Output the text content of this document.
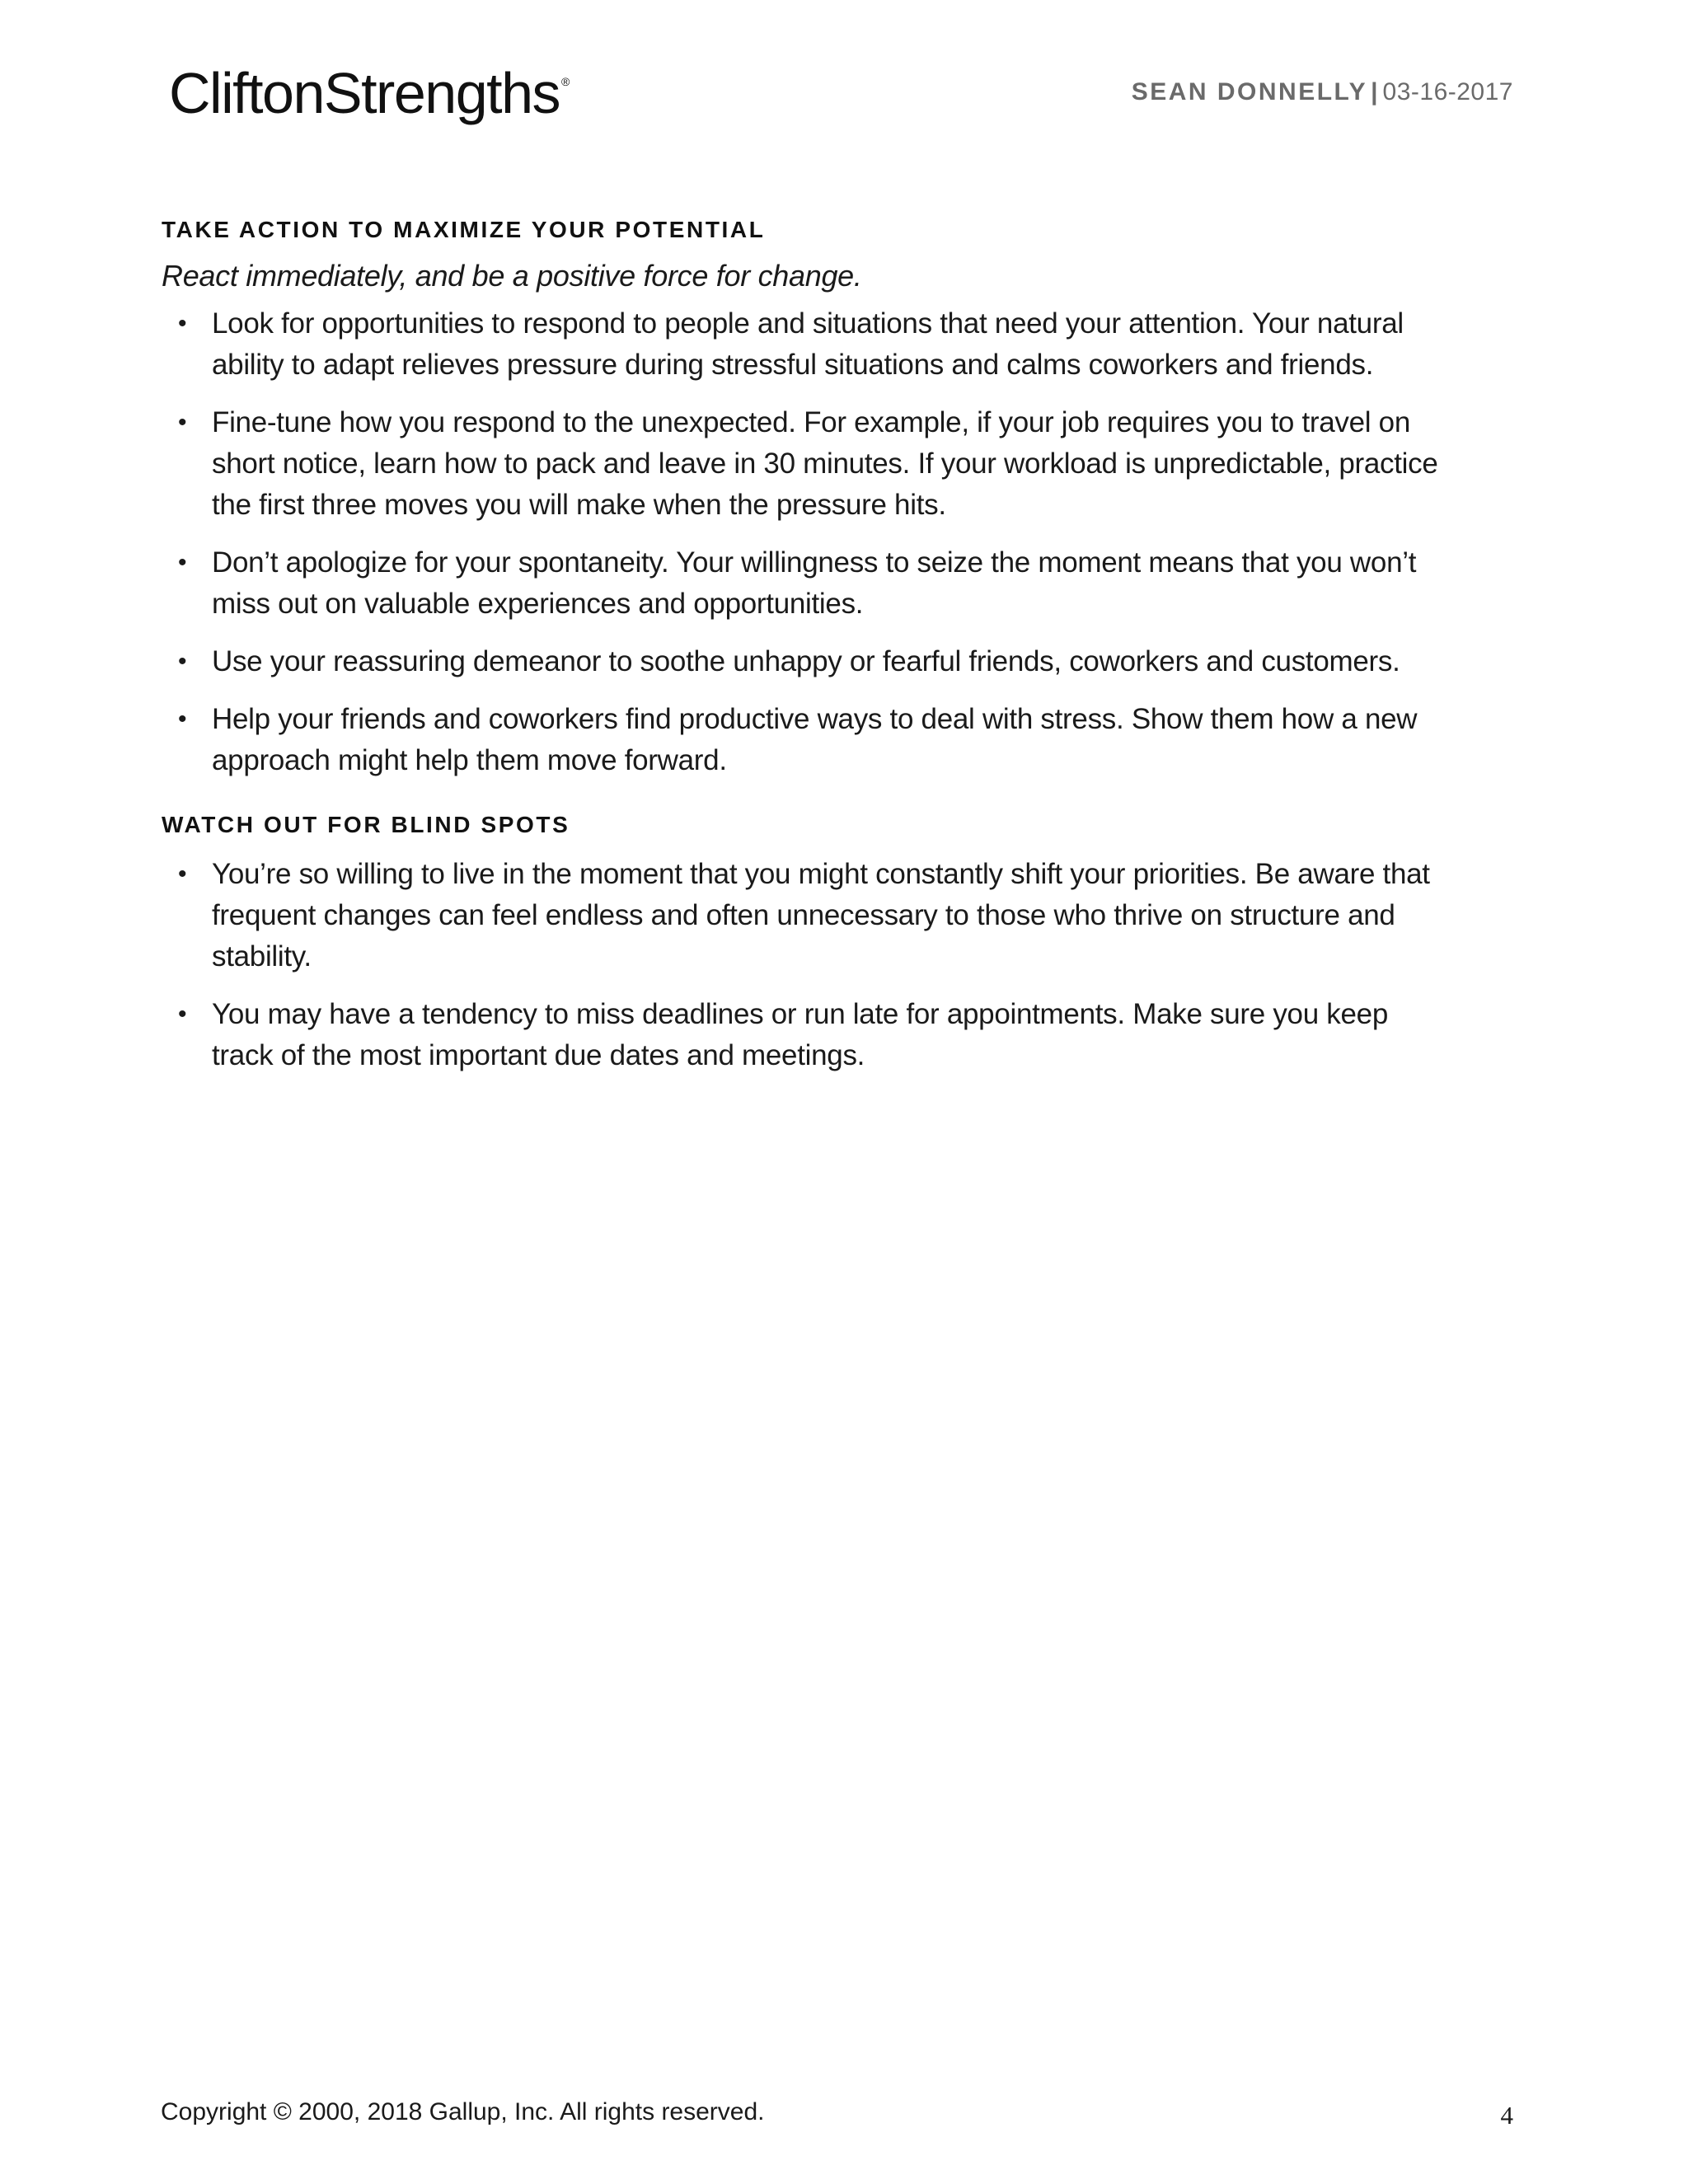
CliftonStrengths ®	SEAN DONNELLY | 03-16-2017
TAKE ACTION TO MAXIMIZE YOUR POTENTIAL

React immediately, and be a positive force for change.

• Look for opportunities to respond to people and situations that need your attention. Your natural ability to adapt relieves pressure during stressful situations and calms coworkers and friends.
• Fine-tune how you respond to the unexpected. For example, if your job requires you to travel on short notice, learn how to pack and leave in 30 minutes. If your workload is unpredictable, practice the first three moves you will make when the pressure hits.
• Don’t apologize for your spontaneity. Your willingness to seize the moment means that you won’t miss out on valuable experiences and opportunities.
• Use your reassuring demeanor to soothe unhappy or fearful friends, coworkers and customers.
• Help your friends and coworkers find productive ways to deal with stress. Show them how a new approach might help them move forward.
WATCH OUT FOR BLIND SPOTS
• You’re so willing to live in the moment that you might constantly shift your priorities. Be aware that frequent changes can feel endless and often unnecessary to those who thrive on structure and stability.
• You may have a tendency to miss deadlines or run late for appointments. Make sure you keep track of the most important due dates and meetings.
Copyright © 2000, 2018 Gallup, Inc. All rights reserved.	4
